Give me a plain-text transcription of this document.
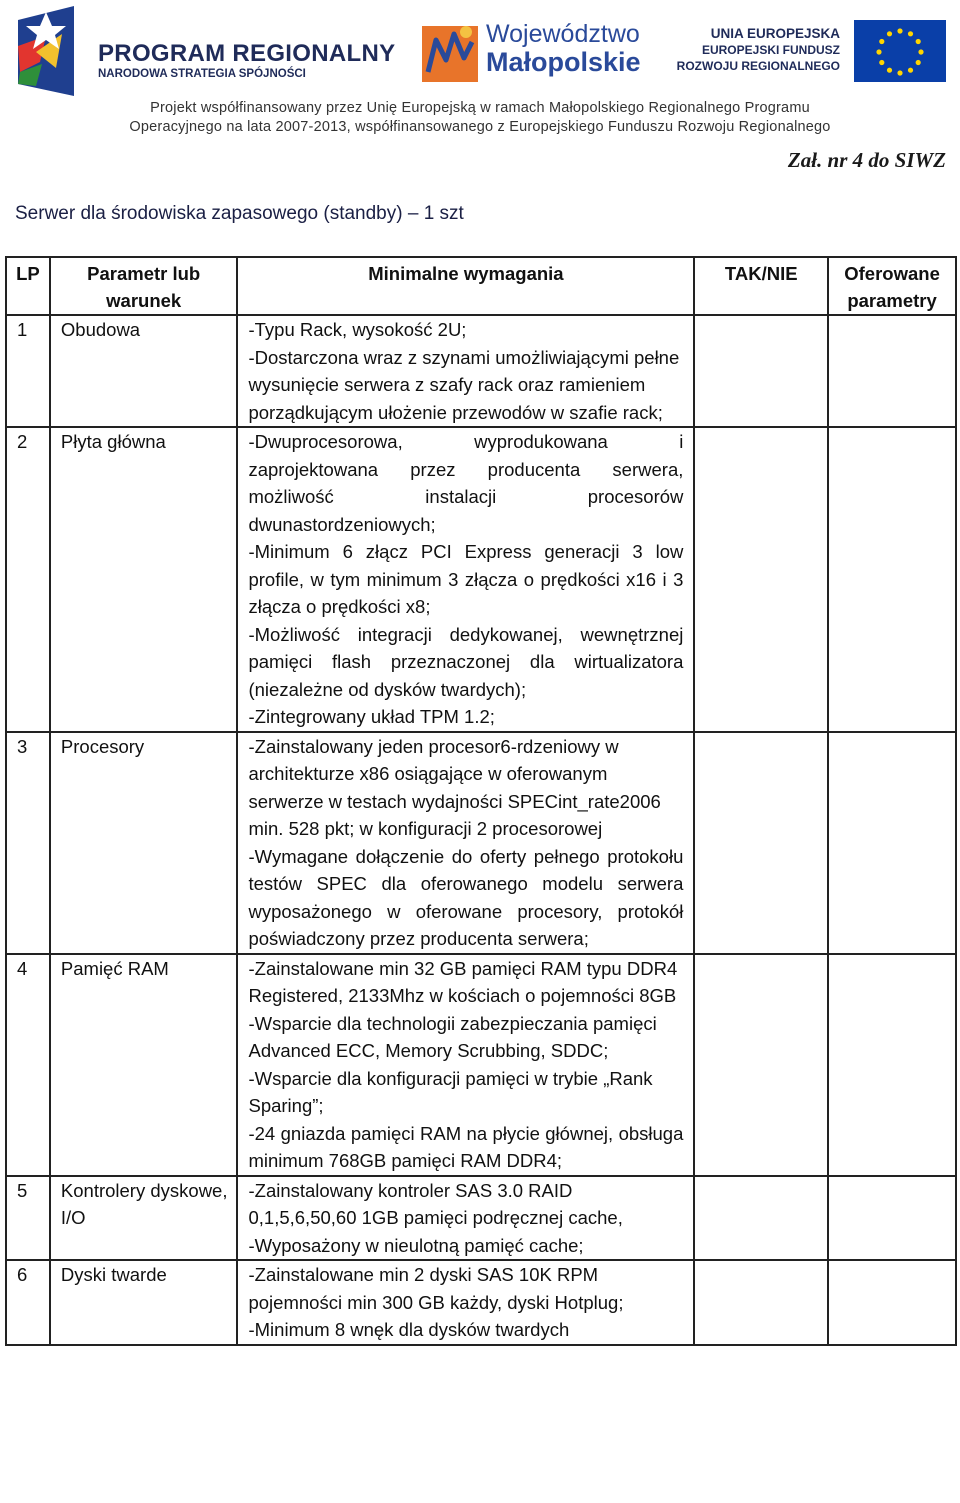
PROGRAM REGIONALNY
NARODOWA STRATEGIA SPÓJNOŚCI
Województwo
Małopolskie
UNIA EUROPEJSKA
EUROPEJSKI FUNDUSZ
ROZWOJU REGIONALNEGO
Projekt współfinansowany przez Unię Europejską w ramach Małopolskiego Regionalnego Programu
Operacyjnego na lata 2007-2013, współfinansowanego z Europejskiego Funduszu Rozwoju Regionalnego
Zał. nr 4 do SIWZ
Serwer dla środowiska zapasowego (standby) – 1 szt
LP	Parametr lub warunek	Minimalne wymagania	TAK/NIE	Oferowane parametry
1	Obudowa	-Typu Rack, wysokość 2U;
-Dostarczona wraz z szynami umożliwiającymi pełne wysunięcie serwera z szafy rack oraz ramieniem porządkującym ułożenie przewodów w szafie rack;		

2	Płyta główna	-Dwuprocesorowa, wyprodukowana i zaprojektowana przez producenta serwera, możliwość instalacji procesorów dwunastordzeniowych;
-Minimum 6 złącz PCI Express generacji 3 low profile, w tym minimum 3 złącza o prędkości x16 i 3 złącza o prędkości x8;
-Możliwość integracji dedykowanej, wewnętrznej pamięci flash przeznaczonej dla wirtualizatora (niezależne od dysków twardych);
-Zintegrowany układ TPM 1.2;		

3	Procesory	-Zainstalowany jeden procesor6-rdzeniowy w architekturze x86 osiągające w oferowanym serwerze w testach wydajności SPECint_rate2006 min. 528 pkt; w konfiguracji 2 procesorowej
-Wymagane dołączenie do oferty pełnego protokołu testów SPEC dla oferowanego modelu serwera wyposażonego w oferowane procesory, protokół poświadczony przez producenta serwera;		

4	Pamięć RAM	-Zainstalowane min 32 GB pamięci RAM typu DDR4 Registered, 2133Mhz w kościach o pojemności 8GB
-Wsparcie dla technologii zabezpieczania pamięci Advanced ECC, Memory Scrubbing, SDDC;
-Wsparcie dla konfiguracji pamięci w trybie „Rank Sparing”;
-24 gniazda pamięci RAM na płycie głównej, obsługa minimum 768GB pamięci RAM DDR4;		

5	Kontrolery dyskowe, I/O	-Zainstalowany kontroler SAS 3.0 RAID 0,1,5,6,50,60 1GB pamięci podręcznej cache,
-Wyposażony w nieulotną pamięć cache;		

6	Dyski twarde	-Zainstalowane min 2 dyski SAS 10K RPM pojemności min 300 GB każdy, dyski Hotplug;
-Minimum 8 wnęk dla dysków twardych		
